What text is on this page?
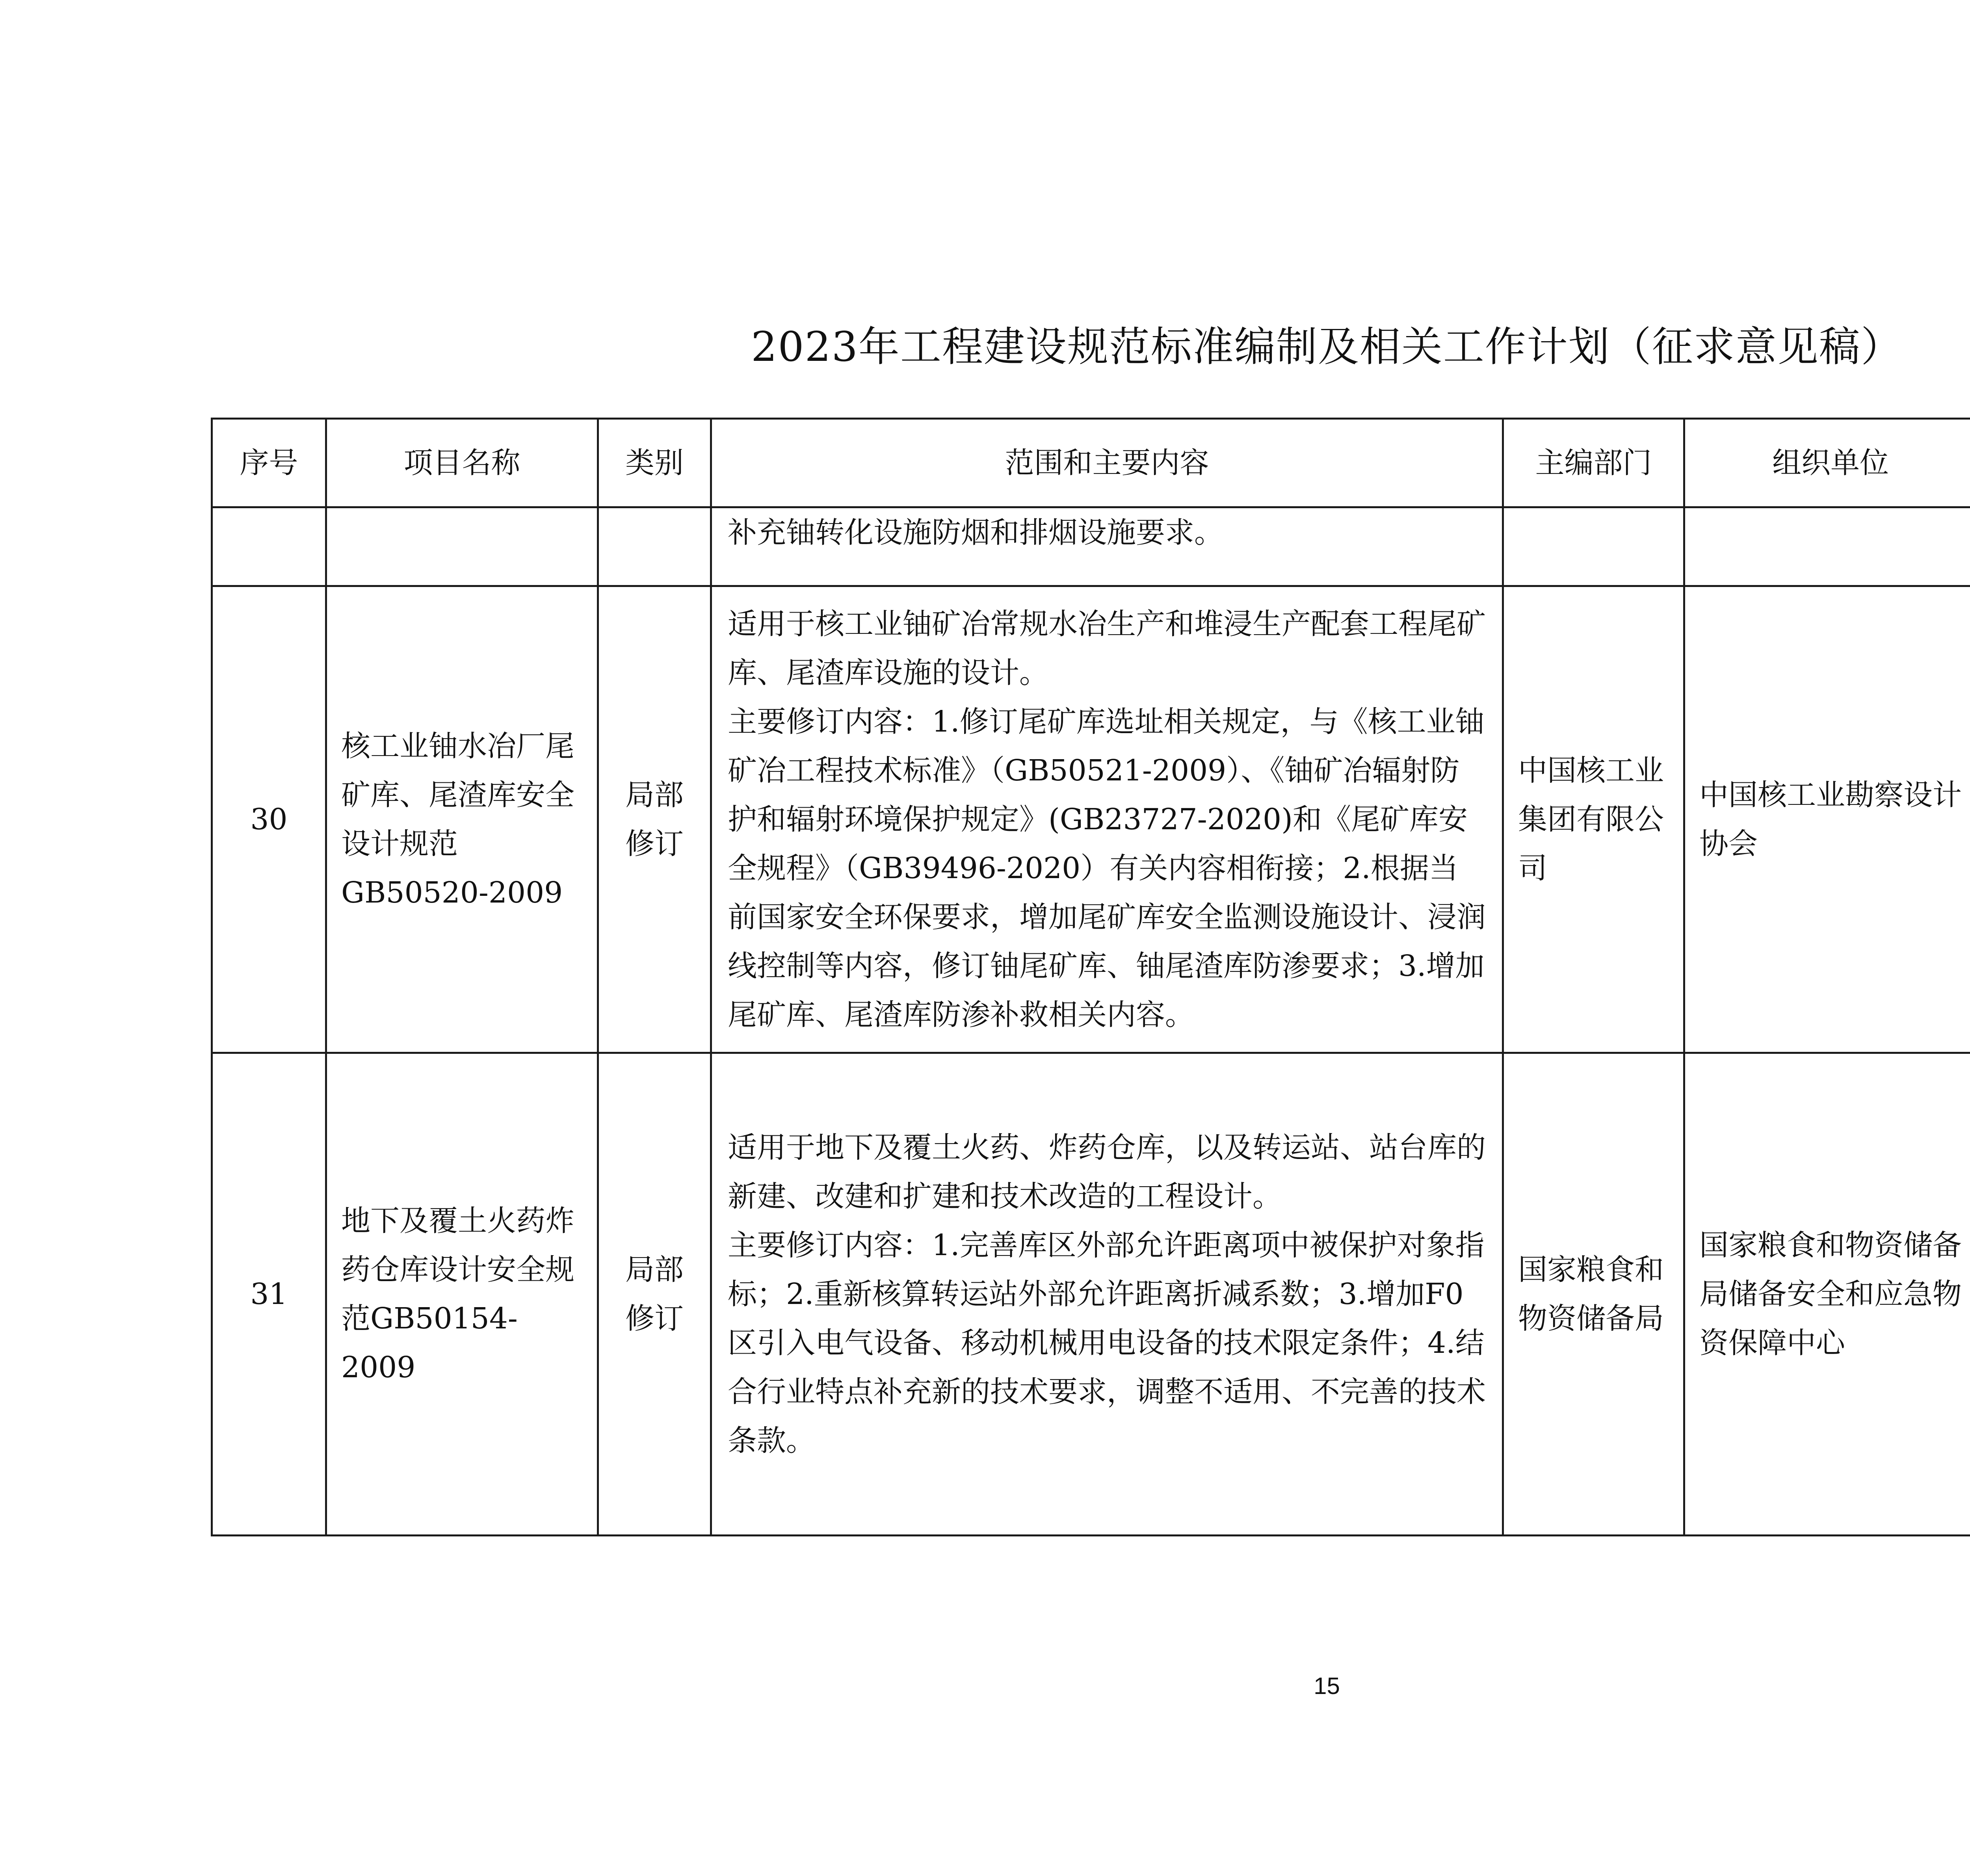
2023年工程建设规范标准编制及相关工作计划（征求意见稿）
序号	项目名称	类别	范围和主要内容	主编部门	组织单位		
			补充铀转化设施防烟和排烟设施要求。				
30	核工业铀水冶厂尾矿库、尾渣库安全设计规范GB50520-2009	局部修订	适用于核工业铀矿冶常规水冶生产和堆浸生产配套工程尾矿库、尾渣库设施的设计。

主要修订内容：1.修订尾矿库选址相关规定，与《核工业铀矿冶工程技术标准》（GB50521-2009）、《铀矿冶辐射防护和辐射环境保护规定》(GB23727-2020)和《尾矿库安全规程》（GB39496-2020）有关内容相衔接；2.根据当前国家安全环保要求，增加尾矿库安全监测设施设计、浸润线控制等内容，修订铀尾矿库、铀尾渣库防渗要求；3.增加尾矿库、尾渣库防渗补救相关内容。	中国核工业集团有限公司	中国核工业勘察设计协会		
31	地下及覆土火药炸药仓库设计安全规范GB50154-2009	局部修订	适用于地下及覆土火药、炸药仓库，以及转运站、站台库的新建、改建和扩建和技术改造的工程设计。

主要修订内容：1.完善库区外部允许距离项中被保护对象指标；2.重新核算转运站外部允许距离折减系数；3.增加F0区引入电气设备、移动机械用电设备的技术限定条件；4.结合行业特点补充新的技术要求，调整不适用、不完善的技术条款。	国家粮食和物资储备局	国家粮食和物资储备局储备安全和应急物资保障中心		
15
